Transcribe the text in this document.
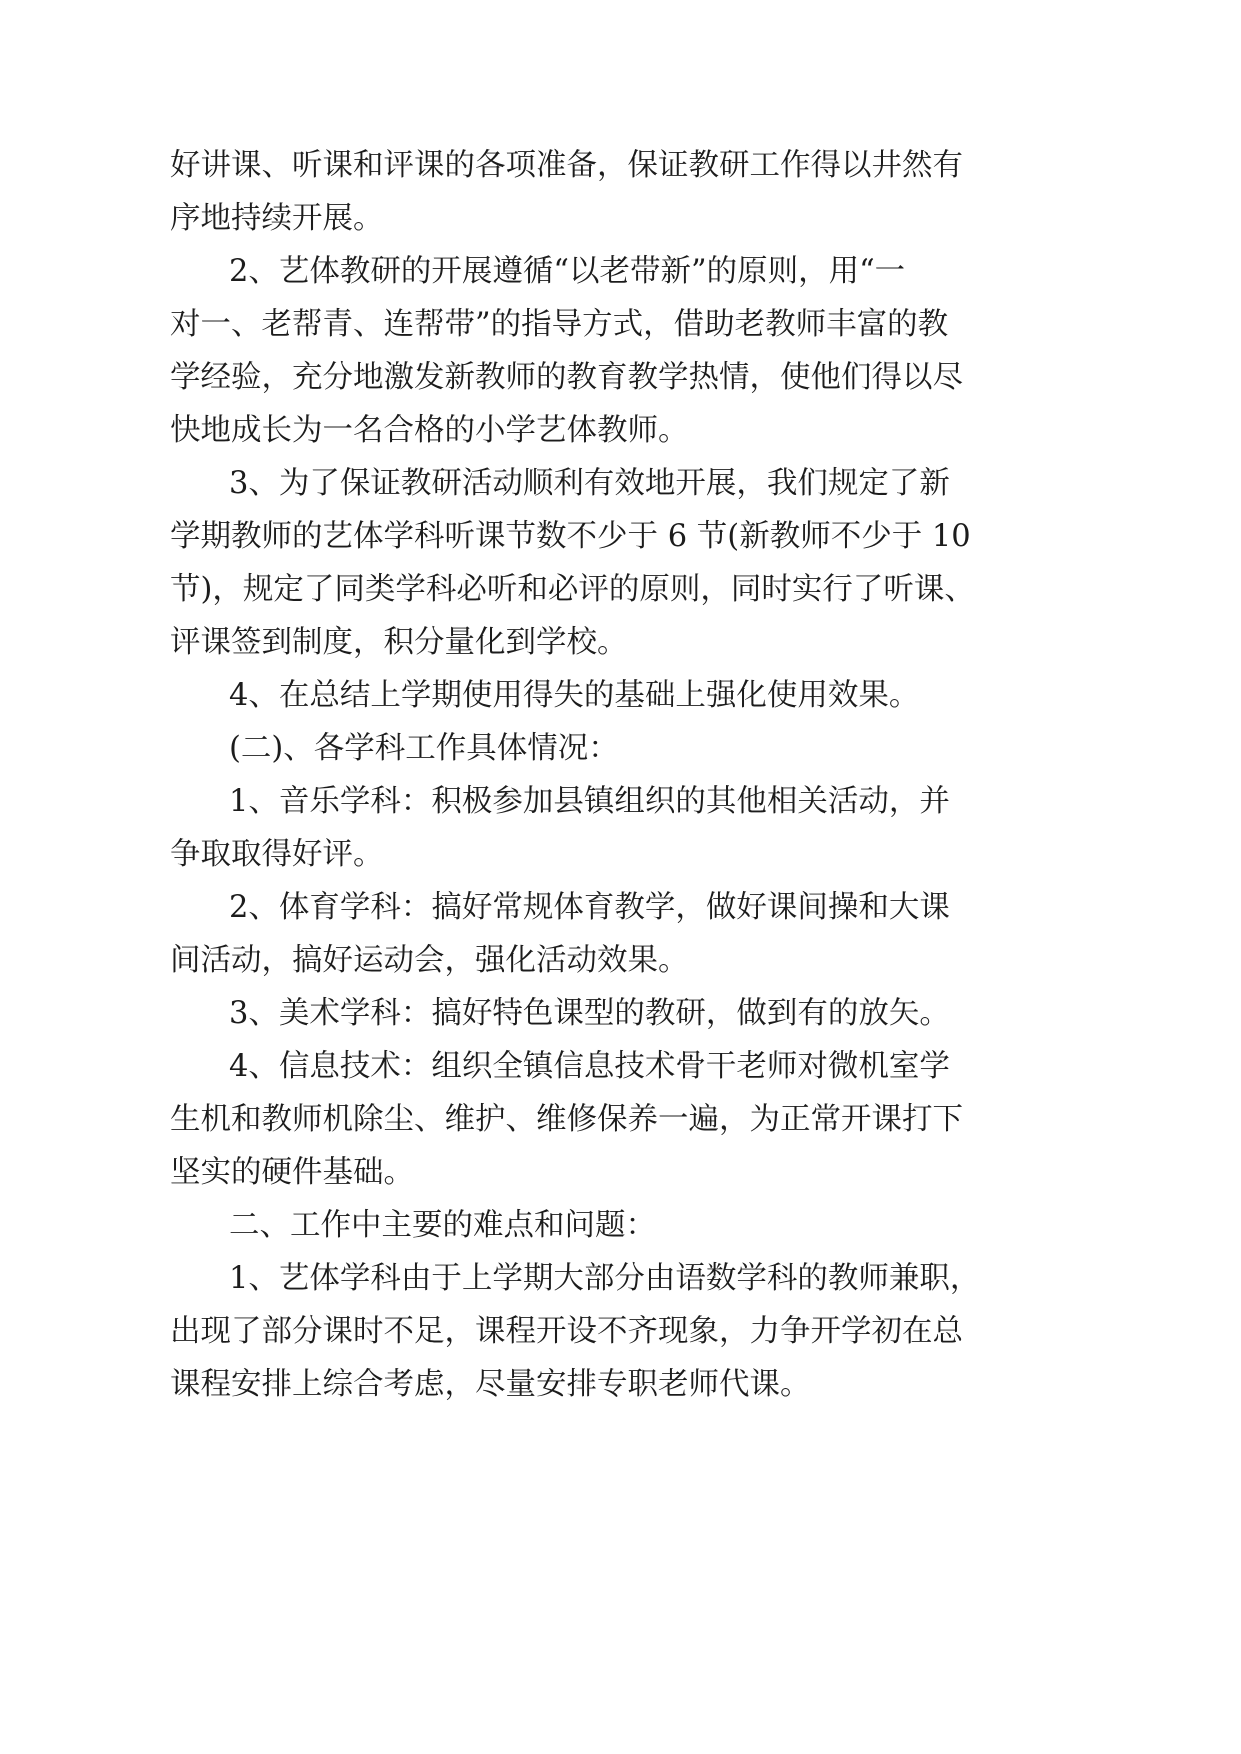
好讲课、听课和评课的各项准备，保证教研工作得以井然有
序地持续开展。
2、艺体教研的开展遵循“以老带新”的原则，用“一
对一、老帮青、连帮带”的指导方式，借助老教师丰富的教
学经验，充分地激发新教师的教育教学热情，使他们得以尽
快地成长为一名合格的小学艺体教师。
3、为了保证教研活动顺利有效地开展，我们规定了新
学期教师的艺体学科听课节数不少于 6 节(新教师不少于 10
节)，规定了同类学科必听和必评的原则，同时实行了听课、
评课签到制度，积分量化到学校。
4、在总结上学期使用得失的基础上强化使用效果。
(二)、各学科工作具体情况：
1、音乐学科：积极参加县镇组织的其他相关活动，并
争取取得好评。
2、体育学科：搞好常规体育教学，做好课间操和大课
间活动，搞好运动会，强化活动效果。
3、美术学科：搞好特色课型的教研，做到有的放矢。
4、信息技术：组织全镇信息技术骨干老师对微机室学
生机和教师机除尘、维护、维修保养一遍，为正常开课打下
坚实的硬件基础。
二、工作中主要的难点和问题：
1、艺体学科由于上学期大部分由语数学科的教师兼职，
出现了部分课时不足，课程开设不齐现象，力争开学初在总
课程安排上综合考虑，尽量安排专职老师代课。
